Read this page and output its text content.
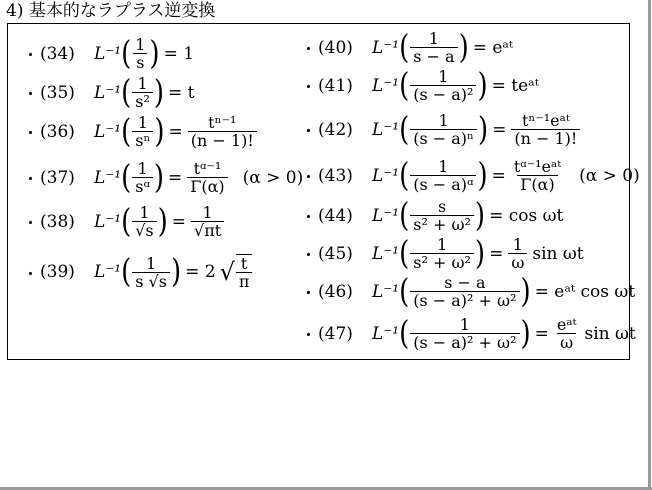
4) 基本的なラプラス逆変換
・ (34)	L⁻¹ ( $\frac{1}{s}$ ) = 1
・ (35)	L⁻¹ ( $\frac{1}{\text{s²}}$ ) = t
・ (36)	L⁻¹ ( $\frac{1}{\text{sⁿ}}$ ) = $\frac{\text{tⁿ⁻¹}}{(n - 1)!}$
・ (37)	L⁻¹ ( $\frac{1}{\text{sᵅ}}$ ) = $\frac{\text{tᵅ⁻¹}}{\Gamma(\alpha)} (\alpha > 0)$
・ (38)	L⁻¹ ( $\frac{1}{√s}$ ) = $\frac{1}{√\pi t}$
・ (39)	L⁻¹ ( $\frac{1}{s √s}$ ) = 2 √ $\frac{t}{\pi}$
・ (40)	L⁻¹ ( $\frac{1}{s - a}$ ) = eᵃᵗ
・ (41)	L⁻¹ ( $\frac{1}{\text{(s − a)²}}$ ) = teᵃᵗ
・ (42)	L⁻¹ ( $\frac{1}{\text{(s − a)ⁿ}}$ ) = $\frac{\text{tⁿ⁻¹eᵃᵗ}}{(n - 1)!}$
・ (43)	L⁻¹ ( $\frac{1}{\text{(s − a)ᵅ}}$ ) = $\frac{\text{tᵅ⁻¹eᵃᵗ}}{\Gamma(\alpha)} (\alpha > 0)$
・ (44)	L⁻¹ ( $\frac{s}{\text{s² + ω²}}$ ) = cos ωt
・ (45)	L⁻¹ ( $\frac{1}{\text{s² + ω²}}$ ) = $\frac{1}{\omega}$ sin ωt
・ (46)	L⁻¹ ( $\frac{s - a}{\text{(s − a)² + ω²}}$ ) = eᵃᵗ cos ωt
・ (47)	L⁻¹ ( $\frac{1}{\text{(s − a)² + ω²}}$ ) = $\frac{\text{eᵃᵗ}}{\omega}$ sin ωt
